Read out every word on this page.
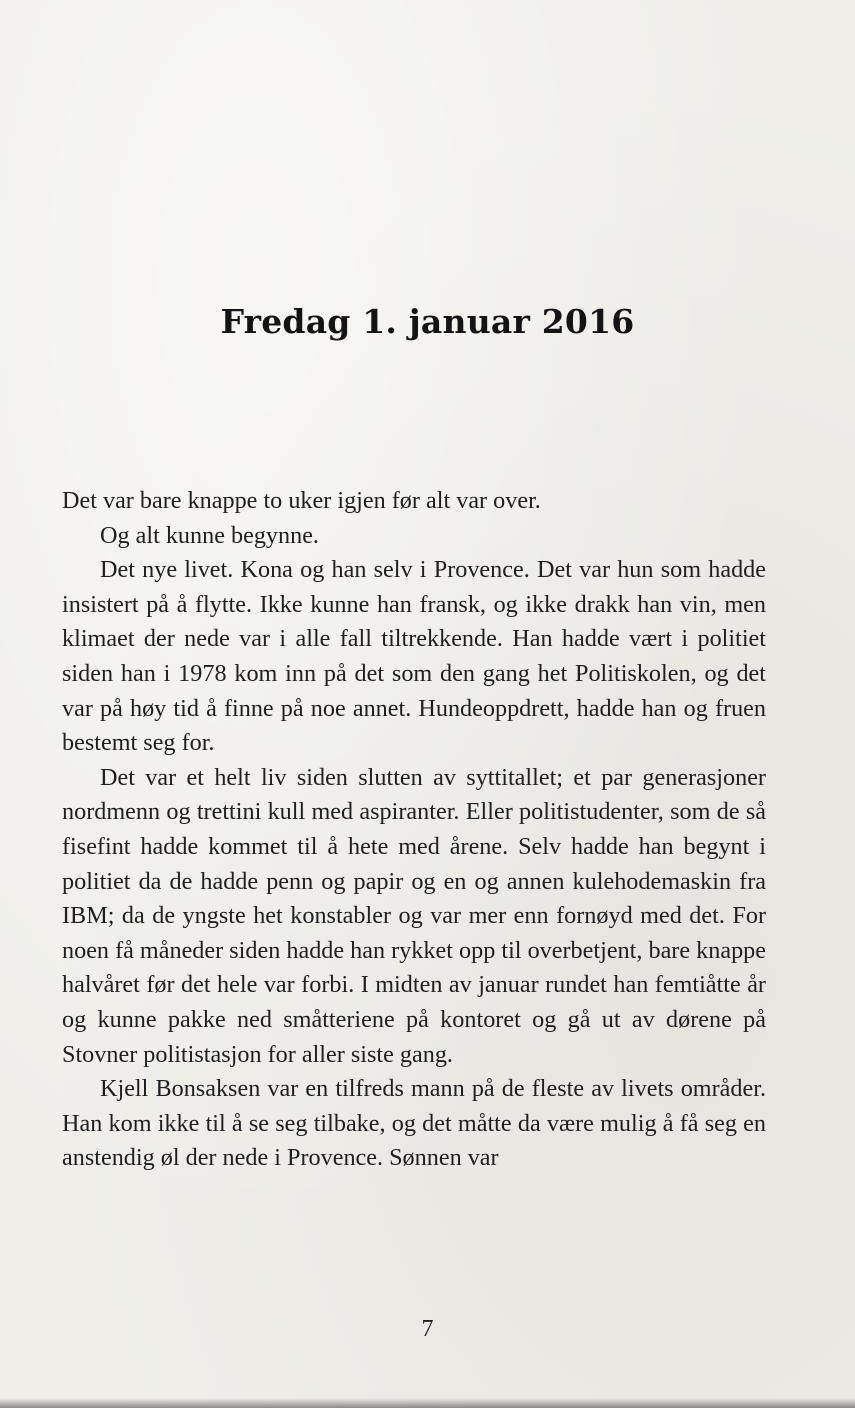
Fredag 1. januar 2016

Det var bare knappe to uker igjen før alt var over.

Og alt kunne begynne.

Det nye livet. Kona og han selv i Provence. Det var hun som hadde insistert på å flytte. Ikke kunne han fransk, og ikke drakk han vin, men klimaet der nede var i alle fall tiltrekkende. Han hadde vært i politiet siden han i 1978 kom inn på det som den gang het Politiskolen, og det var på høy tid å finne på noe annet. Hundeoppdrett, hadde han og fruen bestemt seg for.

Det var et helt liv siden slutten av syttitallet; et par generasjoner nordmenn og trettini kull med aspiranter. Eller politistudenter, som de så fisefint hadde kommet til å hete med årene. Selv hadde han begynt i politiet da de hadde penn og papir og en og annen kulehodemaskin fra IBM; da de yngste het konstabler og var mer enn fornøyd med det. For noen få måneder siden hadde han rykket opp til overbetjent, bare knappe halvåret før det hele var forbi. I midten av januar rundet han femtiåtte år og kunne pakke ned småtteriene på kontoret og gå ut av dørene på Stovner politistasjon for aller siste gang.

Kjell Bonsaksen var en tilfreds mann på de fleste av livets områder. Han kom ikke til å se seg tilbake, og det måtte da være mulig å få seg en anstendig øl der nede i Provence. Sønnen var

7
